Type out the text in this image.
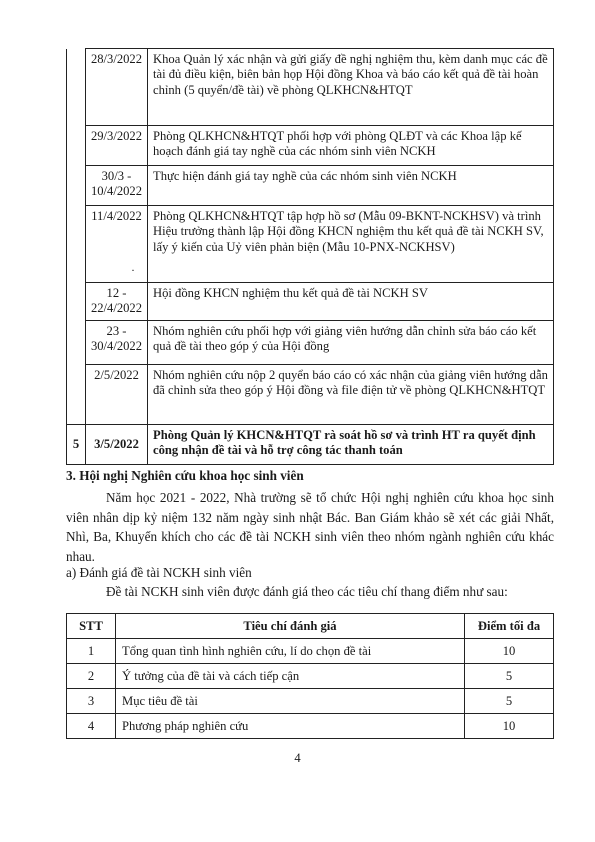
	28/3/2022	Khoa Quản lý xác nhận và gửi giấy đề nghị nghiệm thu, kèm danh mục các đề tài đủ điều kiện, biên bản họp Hội đồng Khoa và báo cáo kết quả đề tài hoàn chỉnh (5 quyển/đề tài) về phòng QLKHCN&HTQT
	29/3/2022	Phòng QLKHCN&HTQT phối hợp với phòng QLĐT và các Khoa lập kế hoạch đánh giá tay nghề của các nhóm sinh viên NCKH
	30/3 - 10/4/2022	Thực hiện đánh giá tay nghề của các nhóm sinh viên NCKH
	11/4/2022	Phòng QLKHCN&HTQT tập hợp hồ sơ (Mẫu 09-BKNT-NCKHSV) và trình Hiệu trưởng thành lập Hội đồng KHCN nghiệm thu kết quả đề tài NCKH SV, lấy ý kiến của Uỷ viên phản biện (Mẫu 10-PNX-NCKHSV)
	12 - 22/4/2022	Hội đồng KHCN nghiệm thu kết quả đề tài NCKH SV
	23 - 30/4/2022	Nhóm nghiên cứu phối hợp với giảng viên hướng dẫn chỉnh sửa báo cáo kết quả đề tài theo góp ý của Hội đồng
	2/5/2022	Nhóm nghiên cứu nộp 2 quyển báo cáo có xác nhận của giảng viên hướng dẫn đã chỉnh sửa theo góp ý Hội đồng và file điện tử về phòng QLKHCN&HTQT
5	3/5/2022	Phòng Quản lý KHCN&HTQT rà soát hồ sơ và trình HT ra quyết định công nhận đề tài và hỗ trợ công tác thanh toán
·
3. Hội nghị Nghiên cứu khoa học sinh viên
Năm học 2021 - 2022, Nhà trường sẽ tổ chức Hội nghị nghiên cứu khoa học sinh viên nhân dịp kỷ niệm 132 năm ngày sinh nhật Bác. Ban Giám khảo sẽ xét các giải Nhất, Nhì, Ba, Khuyến khích cho các đề tài NCKH sinh viên theo nhóm ngành nghiên cứu khác nhau.
a) Đánh giá đề tài NCKH sinh viên
Đề tài NCKH sinh viên được đánh giá theo các tiêu chí thang điểm như sau:
STT	Tiêu chí đánh giá	Điểm tối đa
1	Tổng quan tình hình nghiên cứu, lí do chọn đề tài	10
2	Ý tưởng của đề tài và cách tiếp cận	5
3	Mục tiêu đề tài	5
4	Phương pháp nghiên cứu	10
4
